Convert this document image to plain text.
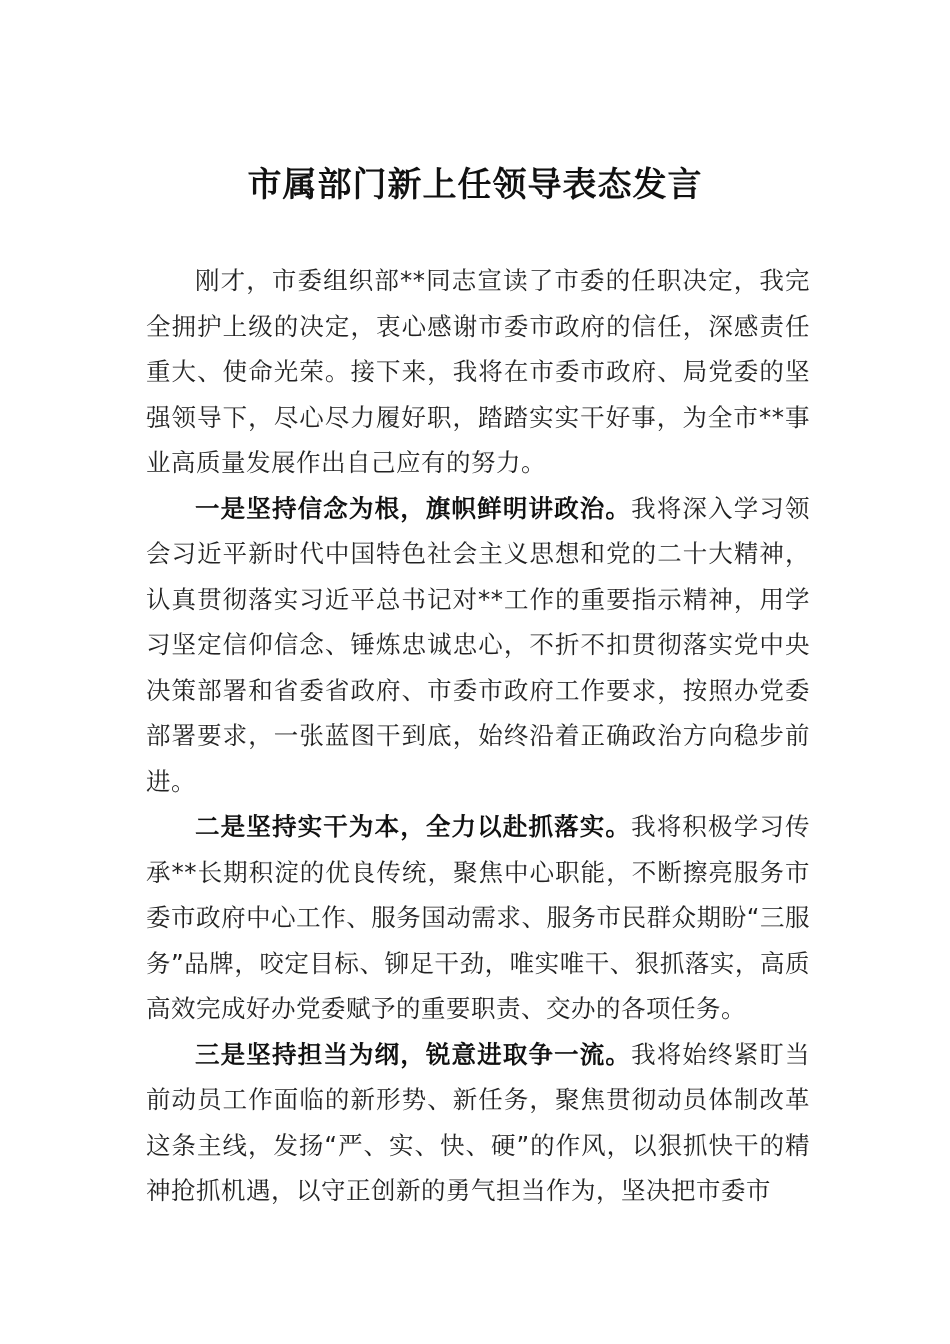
市属部门新上任领导表态发言

刚才，市委组织部**同志宣读了市委的任职决定，我完全拥护上级的决定，衷心感谢市委市政府的信任，深感责任重大、使命光荣。接下来，我将在市委市政府、局党委的坚强领导下，尽心尽力履好职，踏踏实实干好事，为全市**事业高质量发展作出自己应有的努力。

一是坚持信念为根，旗帜鲜明讲政治。我将深入学习领会习近平新时代中国特色社会主义思想和党的二十大精神，认真贯彻落实习近平总书记对**工作的重要指示精神，用学习坚定信仰信念、锤炼忠诚忠心，不折不扣贯彻落实党中央决策部署和省委省政府、市委市政府工作要求，按照办党委部署要求，一张蓝图干到底，始终沿着正确政治方向稳步前进。

二是坚持实干为本，全力以赴抓落实。我将积极学习传承**长期积淀的优良传统，聚焦中心职能，不断擦亮服务市委市政府中心工作、服务国动需求、服务市民群众期盼“三服务”品牌，咬定目标、铆足干劲，唯实唯干、狠抓落实，高质高效完成好办党委赋予的重要职责、交办的各项任务。

三是坚持担当为纲，锐意进取争一流。我将始终紧盯当前动员工作面临的新形势、新任务，聚焦贯彻动员体制改革这条主线，发扬“严、实、快、硬”的作风，以狠抓快干的精神抢抓机遇，以守正创新的勇气担当作为，坚决把市委市
